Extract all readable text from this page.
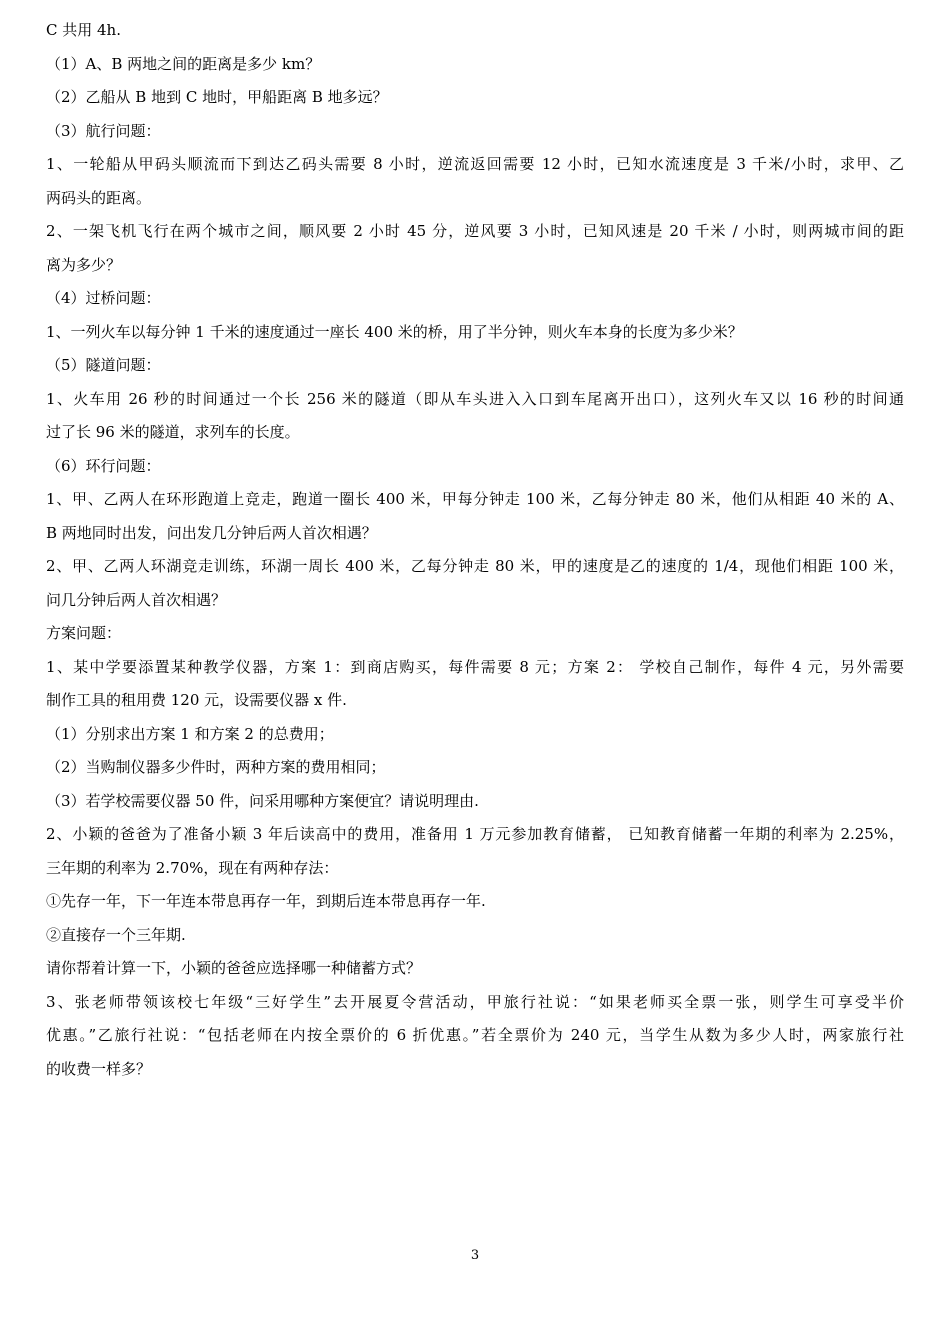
C 共用 4h.
（1）A、B 两地之间的距离是多少 km？
（2）乙船从 B 地到 C 地时，甲船距离 B 地多远？
（3）航行问题：
1、一轮船从甲码头顺流而下到达乙码头需要 8 小时，逆流返回需要 12 小时，已知水流速度是 3 千米/小时，求甲、乙
两码头的距离。
2、一架飞机飞行在两个城市之间，顺风要 2 小时 45 分，逆风要 3 小时，已知风速是 20 千米 / 小时，则两城市间的距
离为多少？
（4）过桥问题：
1、一列火车以每分钟 1 千米的速度通过一座长 400 米的桥，用了半分钟，则火车本身的长度为多少米？
（5）隧道问题：
1、火车用 26 秒的时间通过一个长 256 米的隧道（即从车头进入入口到车尾离开出口），这列火车又以 16 秒的时间通
过了长 96 米的隧道，求列车的长度。
（6）环行问题：
1、甲、乙两人在环形跑道上竞走，跑道一圈长 400 米，甲每分钟走 100 米，乙每分钟走 80 米，他们从相距 40 米的 A、
B 两地同时出发，问出发几分钟后两人首次相遇？
2、甲、乙两人环湖竞走训练，环湖一周长 400 米，乙每分钟走 80 米，甲的速度是乙的速度的 1/4，现他们相距 100 米，
问几分钟后两人首次相遇？
方案问题：
1、某中学要添置某种教学仪器，方案 1：到商店购买，每件需要 8 元；方案 2： 学校自己制作，每件 4 元，另外需要
制作工具的租用费 120 元，设需要仪器 x 件.
（1）分别求出方案 1 和方案 2 的总费用；
（2）当购制仪器多少件时，两种方案的费用相同；
（3）若学校需要仪器 50 件，问采用哪种方案便宜？请说明理由.
2、小颖的爸爸为了准备小颖 3 年后读高中的费用，准备用 1 万元参加教育储蓄， 已知教育储蓄一年期的利率为 2.25%，
三年期的利率为 2.70%，现在有两种存法：
①先存一年，下一年连本带息再存一年，到期后连本带息再存一年.
②直接存一个三年期.
请你帮着计算一下，小颖的爸爸应选择哪一种储蓄方式？
3、张老师带领该校七年级“三好学生”去开展夏令营活动，甲旅行社说：“如果老师买全票一张，则学生可享受半价
优惠。”乙旅行社说：“包括老师在内按全票价的 6 折优惠。”若全票价为 240 元，当学生从数为多少人时，两家旅行社
的收费一样多？
3
